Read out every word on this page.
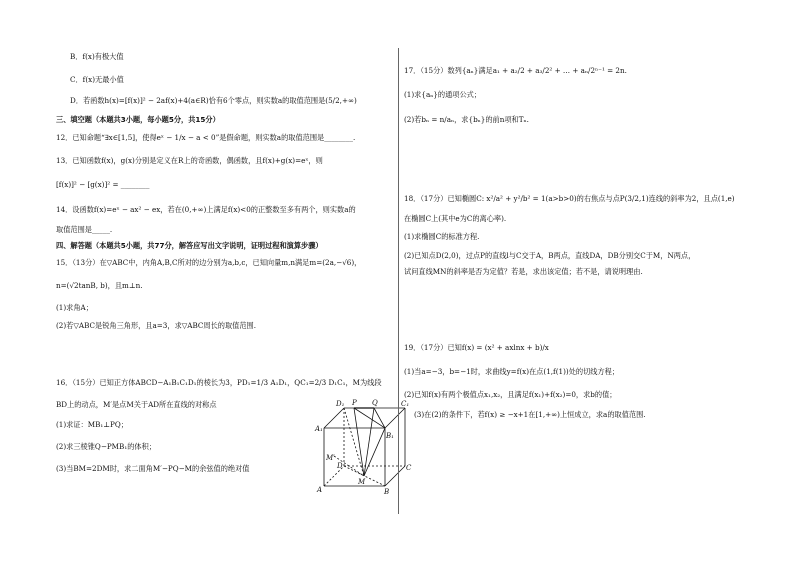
B．f(x)有极大值
C．f(x)无最小值
D．若函数h(x)=[f(x)]² − 2af(x)+4(a∈R)恰有6个零点，则实数a的取值范围是(5/2,+∞)
三、填空题（本题共3小题，每小题5分，共15分）
12．已知命题“∃x∈[1,5]，使得eˣ − 1/x − a < 0”是假命题，则实数a的取值范围是________.
13．已知函数f(x)，g(x)分别是定义在R上的奇函数，偶函数，且f(x)+g(x)=eˣ，则
[f(x)]² − [g(x)]² = ________
14．设函数f(x)=eˣ − ax² − ex，若在(0,+∞)上满足f(x)<0的正整数至多有两个，则实数a的
取值范围是_____.
四、解答题（本题共5小题，共77分，解答应写出文字说明，证明过程和演算步骤）
15．（13分）在▽ABC中，内角A,B,C所对的边分别为a,b,c，已知向量m,n满足m=(2a,−√6)，
n=(√2tanB, b)，且m⊥n.
(1)求角A；
(2)若▽ABC是锐角三角形，且a=3，求▽ABC周长的取值范围.
16．（15分）已知正方体ABCD−A₁B₁C₁D₁的棱长为3，PD₁=1/3 A₁D₁，QC₁=2/3 D₁C₁，M为线段
BD上的动点，M′是点M关于AD所在直线的对称点
(1)求证：MB₁⊥PQ；
(2)求三棱锥Q−PMB₁的体积；
(3)当BM=2DM时，求二面角M′−PQ−M的余弦值的绝对值
D₁ P Q	C₁
A₁
B₁
D	C
M′
M
A	B
17．（15分）数列{aₙ}满足a₁ + a₂/2 + a₃/2² + … + aₙ/2ⁿ⁻¹ = 2n.
(1)求{aₙ}的通项公式；
(2)若bₙ = n/aₙ，求{bₙ}的前n项和Tₙ.
18．（17分）已知椭圆C: x²/a² + y²/b² = 1(a>b>0)的右焦点与点P(3/2,1)连线的斜率为2，且点(1,e)
在椭圆C上(其中e为C的离心率).
(1)求椭圆C的标准方程.
(2)已知点D(2,0)，过点P的直线l与C交于A，B两点，直线DA，DB分别交C于M，N两点，
试问直线MN的斜率是否为定值？若是，求出该定值；若不是，请说明理由.
19．（17分）已知f(x) = (x² + axlnx + b)/x
(1)当a=−3，b=−1时，求曲线y=f(x)在点(1,f(1))处的切线方程；
(2)已知f(x)有两个极值点x₁,x₂，且满足f(x₁)+f(x₂)=0，求b的值；
(3)在(2)的条件下，若f(x) ≥ −x+1在[1,+∞)上恒成立，求a的取值范围.
